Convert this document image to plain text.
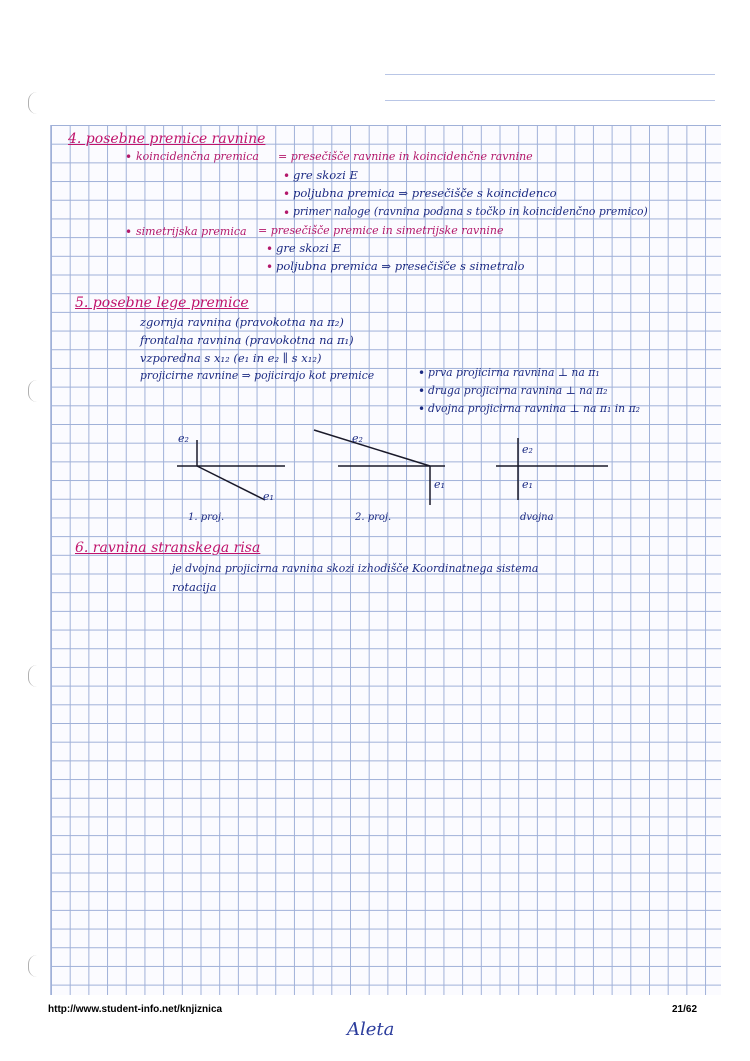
4. posebne premice ravnine
• koincidenčna premica = presečišče ravnine in koincidenčne ravnine
• gre skozi E
• poljubna premica ⇒ presečišče s koincidenco
• primer naloge (ravnina podana s točko in koincidenčno premico)
• simetrijska premica = presečišče premice in simetrijske ravnine
• gre skozi E
• poljubna premica ⇒ presečišče s simetralo
5. posebne lege premice
zgornja ravnina (pravokotna na π₂)
frontalna ravnina (pravokotna na π₁)
vzporedna s x₁₂ (e₁ in e₂ ∥ s x₁₂)
projicirne ravnine ⇒ pojicirajo kot premice	• prva projicirna ravnina ⊥ na π₁
• druga projicirna ravnina ⊥ na π₂
• dvojna projicirna ravnina ⊥ na π₁ in π₂
e₂
e₁
1. proj.
e₂
e₁
2. proj.
e₂
e₁
dvojna
6. ravnina stranskega risa
je dvojna projicirna ravnina skozi izhodišče Koordinatnega sistema
rotacija
http://www.student-info.net/knjiznica	21/62
Aleta
